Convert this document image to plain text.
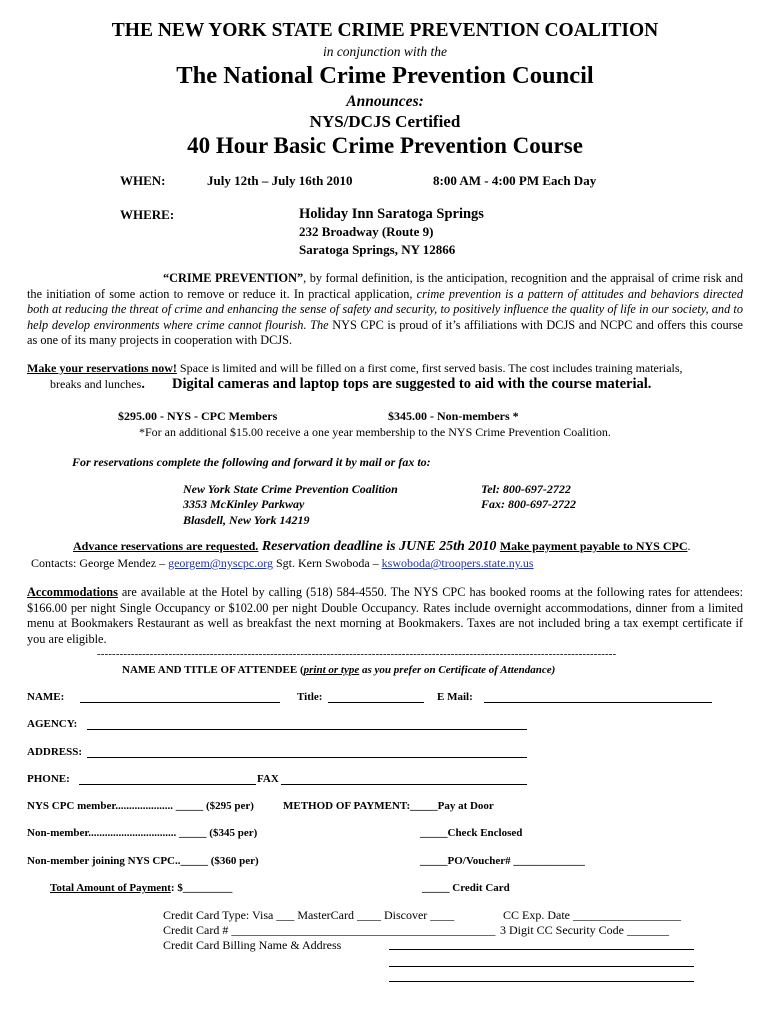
THE NEW YORK STATE CRIME PREVENTION COALITION
in conjunction with the
The National Crime Prevention Council
Announces:
NYS/DCJS Certified
40 Hour Basic Crime Prevention Course
WHEN:	July 12th – July 16th 2010	8:00 AM - 4:00 PM Each Day
WHERE:	Holiday Inn Saratoga Springs
232 Broadway (Route 9)
Saratoga Springs, NY 12866
“CRIME PREVENTION”, by formal definition, is the anticipation, recognition and the appraisal of crime risk and the initiation of some action to remove or reduce it. In practical application, crime prevention is a pattern of attitudes and behaviors directed both at reducing the threat of crime and enhancing the sense of safety and security, to positively influence the quality of life in our society, and to help develop environments where crime cannot flourish. The NYS CPC is proud of it’s affiliations with DCJS and NCPC and offers this course as one of its many projects in cooperation with DCJS.
Make your reservations now! Space is limited and will be filled on a first come, first served basis. The cost includes training materials,
breaks and lunches. Digital cameras and laptop tops are suggested to aid with the course material.
$295.00 - NYS - CPC Members	$345.00 - Non-members *
*For an additional $15.00 receive a one year membership to the NYS Crime Prevention Coalition.
For reservations complete the following and forward it by mail or fax to:
New York State Crime Prevention Coalition
3353 McKinley Parkway
Blasdell, New York 14219
Tel: 800-697-2722
Fax: 800-697-2722
Advance reservations are requested. Reservation deadline is JUNE 25th 2010 Make payment payable to NYS CPC.
Contacts: George Mendez – georgem@nyscpc.org Sgt. Kern Swoboda – kswoboda@troopers.state.ny.us
Accommodations are available at the Hotel by calling (518) 584-4550. The NYS CPC has booked rooms at the following rates for attendees: $166.00 per night Single Occupancy or $102.00 per night Double Occupancy. Rates include overnight accommodations, dinner from a limited menu at Bookmakers Restaurant as well as breakfast the next morning at Bookmakers. Taxes are not included bring a tax exempt certificate if you are eligible.
------------------------------------------------------------------------------------------------------------------------------------------
NAME AND TITLE OF ATTENDEE (print or type as you prefer on Certificate of Attendance)
NAME:	Title:	E Mail:
AGENCY:
ADDRESS:
PHONE:	FAX
NYS CPC member..................... _____ ($295 per)	METHOD OF PAYMENT:_____Pay at Door
Non-member................................ _____ ($345 per)	_____Check Enclosed
Non-member joining NYS CPC.._____ ($360 per)	_____PO/Voucher# _____________
Total Amount of Payment: $_________	_____ Credit Card
Credit Card Type: Visa ___ MasterCard ____ Discover ____	CC Exp. Date __________________
Credit Card # ____________________________________________ 3 Digit CC Security Code _______
Credit Card Billing Name & Address
